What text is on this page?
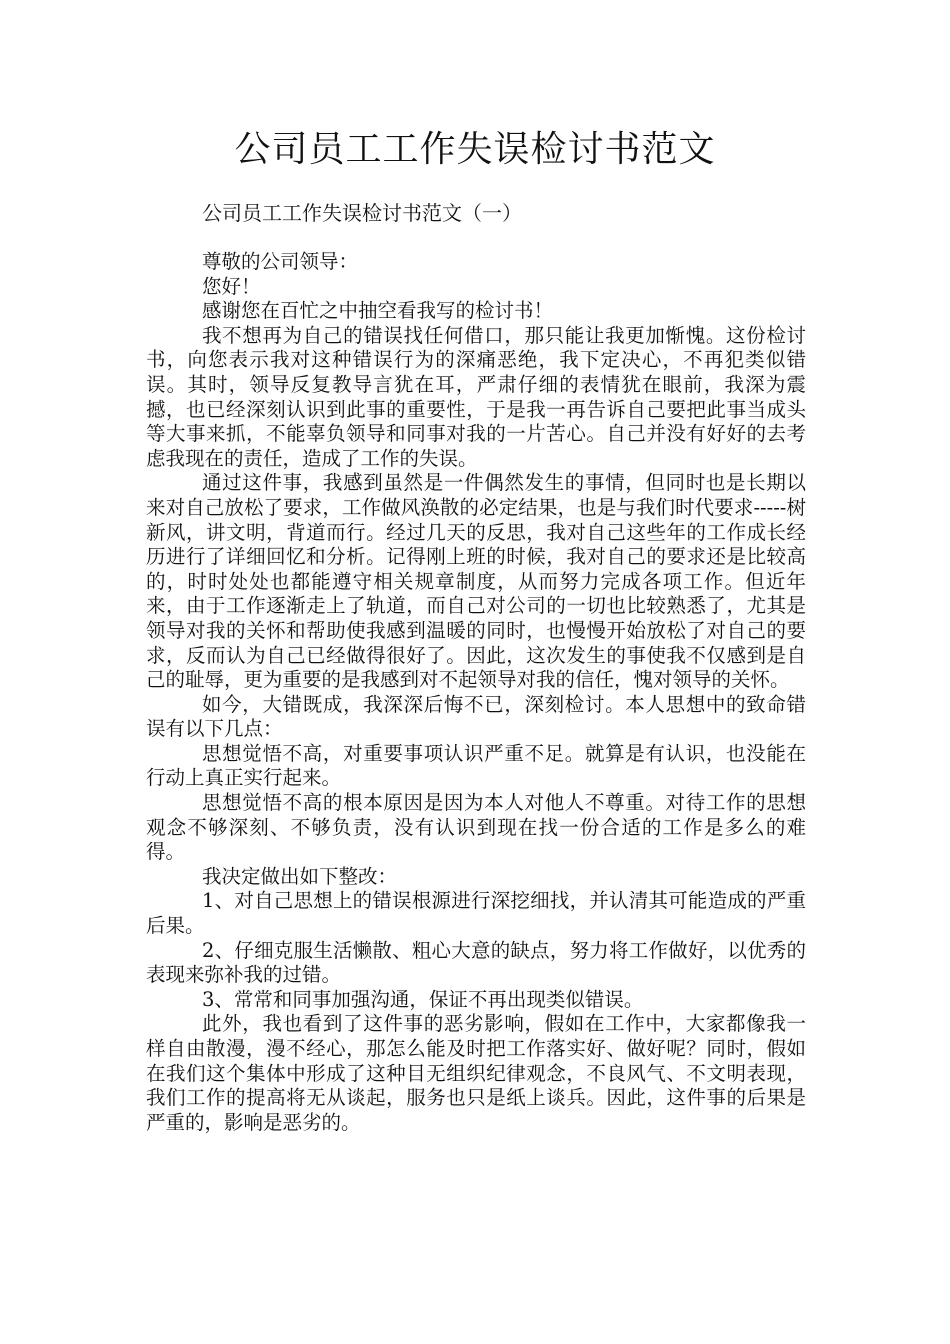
公司员工工作失误检讨书范文

公司员工工作失误检讨书范文（一）

尊敬的公司领导：

您好！

感谢您在百忙之中抽空看我写的检讨书！

我不想再为自己的错误找任何借口，那只能让我更加惭愧。这份检讨书，向您表示我对这种错误行为的深痛恶绝，我下定决心，不再犯类似错误。其时，领导反复教导言犹在耳，严肃仔细的表情犹在眼前，我深为震撼，也已经深刻认识到此事的重要性，于是我一再告诉自己要把此事当成头等大事来抓，不能辜负领导和同事对我的一片苦心。自己并没有好好的去考虑我现在的责任，造成了工作的失误。

通过这件事，我感到虽然是一件偶然发生的事情，但同时也是长期以来对自己放松了要求，工作做风涣散的必定结果，也是与我们时代要求-----树新风，讲文明，背道而行。经过几天的反思，我对自己这些年的工作成长经历进行了详细回忆和分析。记得刚上班的时候，我对自己的要求还是比较高的，时时处处也都能遵守相关规章制度，从而努力完成各项工作。但近年来，由于工作逐渐走上了轨道，而自己对公司的一切也比较熟悉了，尤其是领导对我的关怀和帮助使我感到温暖的同时，也慢慢开始放松了对自己的要求，反而认为自己已经做得很好了。因此，这次发生的事使我不仅感到是自己的耻辱，更为重要的是我感到对不起领导对我的信任，愧对领导的关怀。

如今，大错既成，我深深后悔不已，深刻检讨。本人思想中的致命错误有以下几点：

思想觉悟不高，对重要事项认识严重不足。就算是有认识，也没能在行动上真正实行起来。

思想觉悟不高的根本原因是因为本人对他人不尊重。对待工作的思想观念不够深刻、不够负责，没有认识到现在找一份合适的工作是多么的难得。

我决定做出如下整改：

1、对自己思想上的错误根源进行深挖细找，并认清其可能造成的严重后果。

2、仔细克服生活懒散、粗心大意的缺点，努力将工作做好，以优秀的表现来弥补我的过错。

3、常常和同事加强沟通，保证不再出现类似错误。

此外，我也看到了这件事的恶劣影响，假如在工作中，大家都像我一样自由散漫，漫不经心，那怎么能及时把工作落实好、做好呢？同时，假如在我们这个集体中形成了这种目无组织纪律观念，不良风气、不文明表现，我们工作的提高将无从谈起，服务也只是纸上谈兵。因此，这件事的后果是严重的，影响是恶劣的。
